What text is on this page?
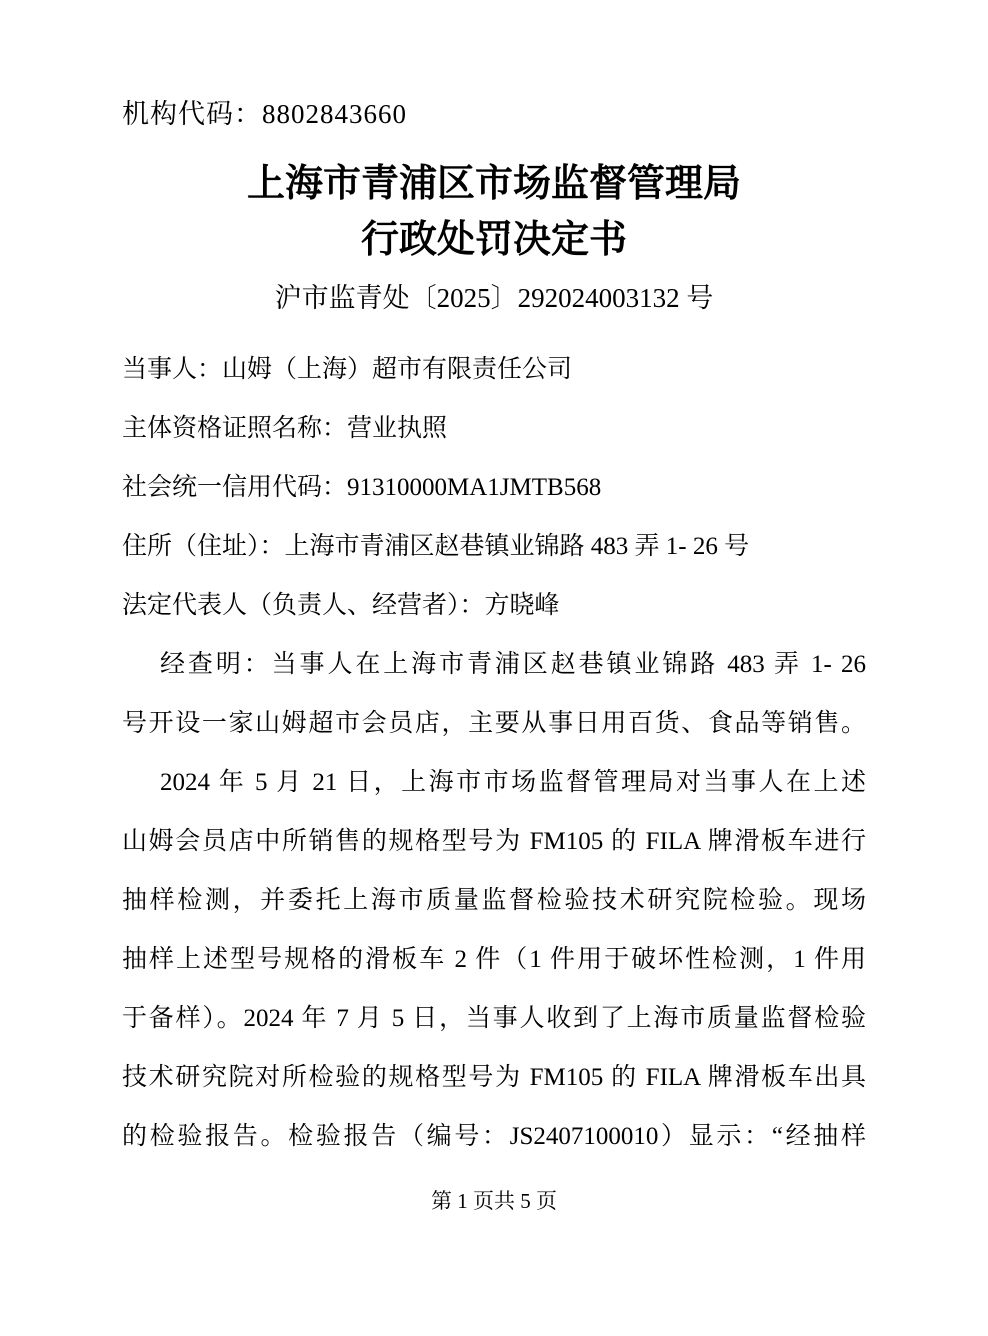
机构代码：8802843660
上海市青浦区市场监督管理局
行政处罚决定书
沪市监青处〔2025〕292024003132 号
当事人：山姆（上海）超市有限责任公司
主体资格证照名称：营业执照
社会统一信用代码：91310000MA1JMTB568
住所（住址）：上海市青浦区赵巷镇业锦路 483 弄 1- 26 号
法定代表人（负责人、经营者）：方晓峰
经查明：当事人在上海市青浦区赵巷镇业锦路 483 弄 1- 26
号开设一家山姆超市会员店，主要从事日用百货、食品等销售。
2024 年 5 月 21 日，上海市市场监督管理局对当事人在上述
山姆会员店中所销售的规格型号为 FM105 的 FILA 牌滑板车进行
抽样检测，并委托上海市质量监督检验技术研究院检验。现场
抽样上述型号规格的滑板车 2 件（1 件用于破坏性检测，1 件用
于备样）。2024 年 7 月 5 日，当事人收到了上海市质量监督检验
技术研究院对所检验的规格型号为 FM105 的 FILA 牌滑板车出具
的检验报告。检验报告（编号：JS2407100010）显示：“经抽样
第 1 页共 5 页
